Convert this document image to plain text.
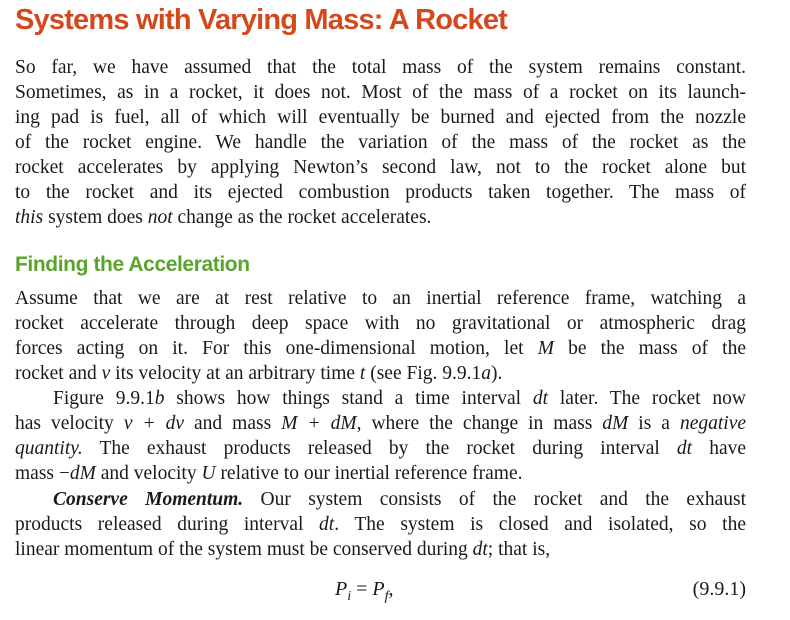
Systems with Varying Mass: A Rocket
So far, we have assumed that the total mass of the system remains constant.
Sometimes, as in a rocket, it does not. Most of the mass of a rocket on its launch-
ing pad is fuel, all of which will eventually be burned and ejected from the nozzle
of the rocket engine. We handle the variation of the mass of the rocket as the
rocket accelerates by applying Newton’s second law, not to the rocket alone but
to the rocket and its ejected combustion products taken together. The mass of
this system does not change as the rocket accelerates.
Finding the Acceleration
Assume that we are at rest relative to an inertial reference frame, watching a
rocket accelerate through deep space with no gravitational or atmospheric drag
forces acting on it. For this one-dimensional motion, let M be the mass of the
rocket and v its velocity at an arbitrary time t (see Fig. 9.9.1a).
Figure 9.9.1b shows how things stand a time interval dt later. The rocket now
has velocity v + dv and mass M + dM, where the change in mass dM is a negative
quantity. The exhaust products released by the rocket during interval dt have
mass −dM and velocity U relative to our inertial reference frame.
Conserve Momentum. Our system consists of the rocket and the exhaust
products released during interval dt. The system is closed and isolated, so the
linear momentum of the system must be conserved during dt; that is,
$P_i = P_f$,	(9.9.1)
